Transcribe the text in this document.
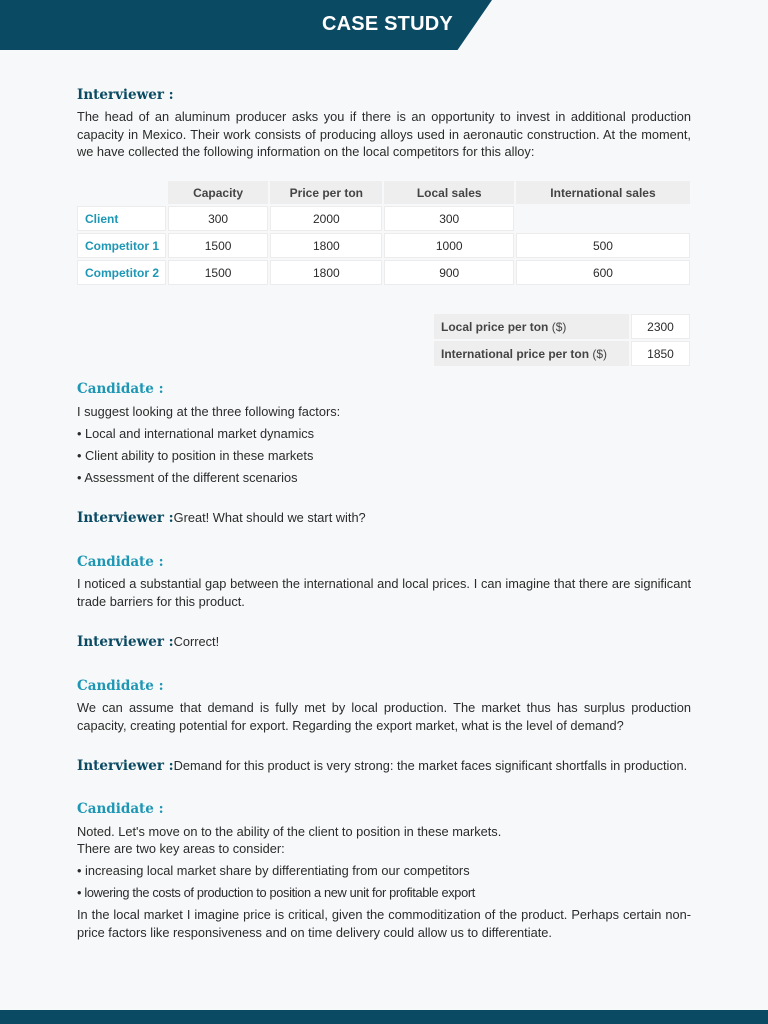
CASE STUDY
Interviewer :
The head of an aluminum producer asks you if there is an opportunity to invest in additional production capacity in Mexico. Their work consists of producing alloys used in aeronautic construction. At the moment, we have collected the following information on the local competitors for this alloy:
	Capacity	Price per ton	Local sales	International sales
Client	300	2000	300	
Competitor 1	1500	1800	1000	500
Competitor 2	1500	1800	900	600
Local price per ton ($)	2300
International price per ton ($)	1850
Candidate :
I suggest looking at the three following factors:
• Local and international market dynamics
• Client ability to position in these markets
• Assessment of the different scenarios
Interviewer :Great! What should we start with?
Candidate :
I noticed a substantial gap between the international and local prices. I can imagine that there are significant trade barriers for this product.
Interviewer :Correct!
Candidate :
We can assume that demand is fully met by local production. The market thus has surplus production capacity, creating potential for export. Regarding the export market, what is the level of demand?
Interviewer :Demand for this product is very strong: the market faces significant shortfalls in production.
Candidate :
Noted. Let's move on to the ability of the client to position in these markets.
There are two key areas to consider:
• increasing local market share by differentiating from our competitors
• lowering the costs of production to position a new unit for profitable export
In the local market I imagine price is critical, given the commoditization of the product. Perhaps certain non-price factors like responsiveness and on time delivery could allow us to differentiate.
